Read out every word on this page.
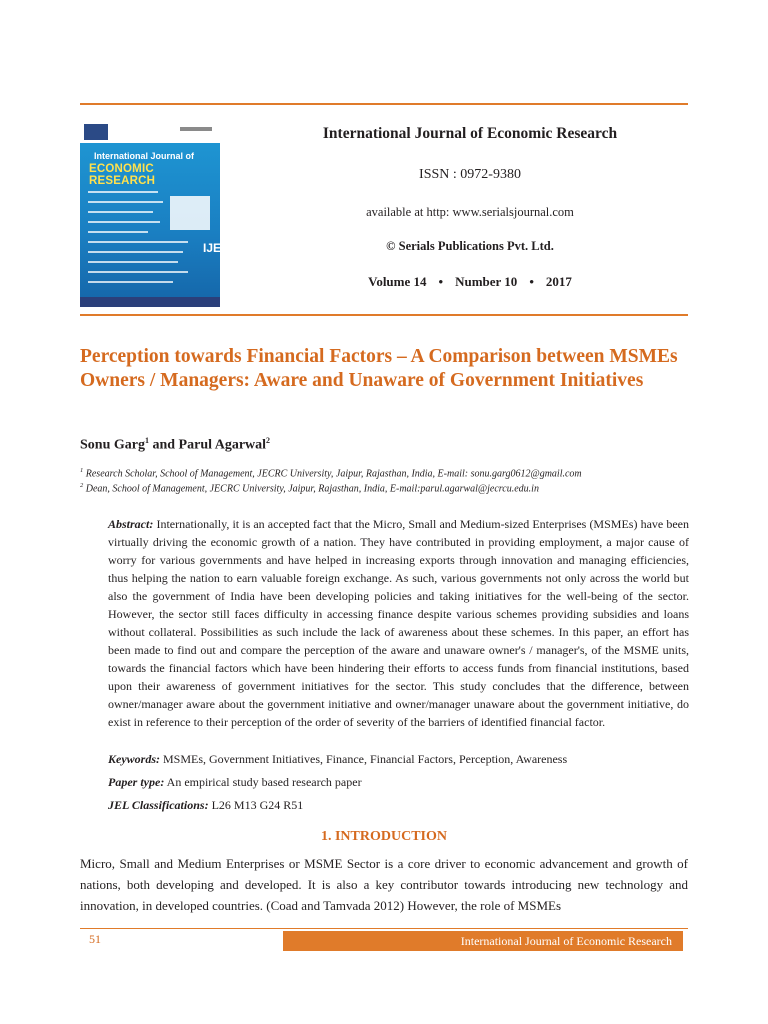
International Journal of
ECONOMIC RESEARCH
IJER
International Journal of Economic Research
ISSN : 0972-9380
available at http: www.serialsjournal.com
© Serials Publications Pvt. Ltd.
Volume 14 • Number 10 • 2017
Perception towards Financial Factors – A Comparison between MSMEs Owners / Managers: Aware and Unaware of Government Initiatives
Sonu Garg$^1$ and Parul Agarwal$^2$
$^1$ Research Scholar, School of Management, JECRC University, Jaipur, Rajasthan, India, E-mail: sonu.garg0612@gmail.com
$^2$ Dean, School of Management, JECRC University, Jaipur, Rajasthan, India, E-mail:parul.agarwal@jecrcu.edu.in

Abstract: Internationally, it is an accepted fact that the Micro, Small and Medium-sized Enterprises (MSMEs) have been virtually driving the economic growth of a nation. They have contributed in providing employment, a major cause of worry for various governments and have helped in increasing exports through innovation and managing efficiencies, thus helping the nation to earn valuable foreign exchange. As such, various governments not only across the world but also the government of India have been developing policies and taking initiatives for the well-being of the sector. However, the sector still faces difficulty in accessing finance despite various schemes providing subsidies and loans without collateral. Possibilities as such include the lack of awareness about these schemes. In this paper, an effort has been made to find out and compare the perception of the aware and unaware owner's / manager's, of the MSME units, towards the financial factors which have been hindering their efforts to access funds from financial institutions, based upon their awareness of government initiatives for the sector. This study concludes that the difference, between owner/manager aware about the government initiative and owner/manager unaware about the government initiative, do exist in reference to their perception of the order of severity of the barriers of identified financial factor.

Keywords: MSMEs, Government Initiatives, Finance, Financial Factors, Perception, Awareness
Paper type: An empirical study based research paper
JEL Classifications: L26 M13 G24 R51
1. INTRODUCTION

Micro, Small and Medium Enterprises or MSME Sector is a core driver to economic advancement and growth of nations, both developing and developed. It is also a key contributor towards introducing new technology and innovation, in developed countries. (Coad and Tamvada 2012) However, the role of MSMEs

51	International Journal of Economic Research
